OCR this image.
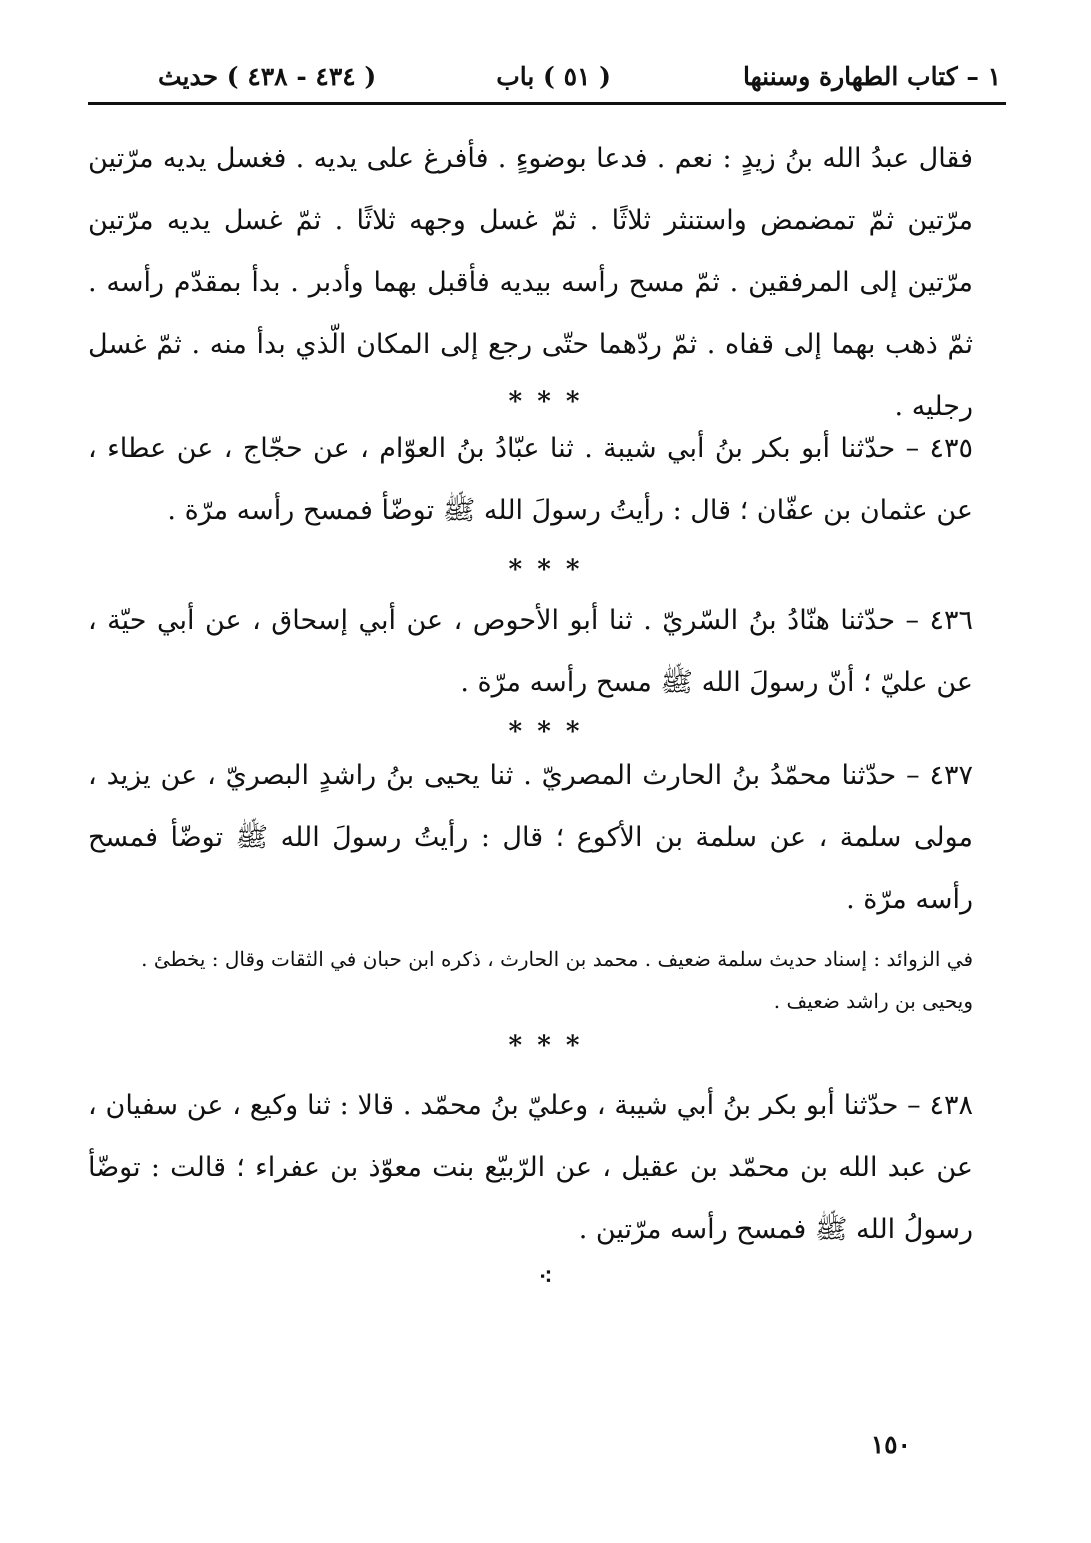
١ – كتاب الطهارة وسننها
( ٥١ ) باب
( ٤٣٤ - ٤٣٨ ) حديث
فقال عبدُ الله بنُ زيدٍ : نعم . فدعا بوضوءٍ . فأفرغ على يديه . فغسل يديه مرّتين مرّتين ثمّ تمضمض واستنثر ثلاثًا . ثمّ غسل وجهه ثلاثًا . ثمّ غسل يديه مرّتين مرّتين إلى المرفقين . ثمّ مسح رأسه بيديه فأقبل بهما وأدبر . بدأ بمقدّم رأسه . ثمّ ذهب بهما إلى قفاه . ثمّ ردّهما حتّى رجع إلى المكان الّذي بدأ منه . ثمّ غسل رجليه .
* * *
٤٣٥ – حدّثنا أبو بكر بنُ أبي شيبة . ثنا عبّادُ بنُ العوّام ، عن حجّاج ، عن عطاء ، عن عثمان بن عفّان ؛ قال : رأيتُ رسولَ الله ﷺ توضّأ فمسح رأسه مرّة .
* * *
٤٣٦ – حدّثنا هنّادُ بنُ السّريّ . ثنا أبو الأحوص ، عن أبي إسحاق ، عن أبي حيّة ، عن عليّ ؛ أنّ رسولَ الله ﷺ مسح رأسه مرّة .
* * *
٤٣٧ – حدّثنا محمّدُ بنُ الحارث المصريّ . ثنا يحيى بنُ راشدٍ البصريّ ، عن يزيد ، مولى سلمة ، عن سلمة بن الأكوع ؛ قال : رأيتُ رسولَ الله ﷺ توضّأ فمسح رأسه مرّة .
في الزوائد : إسناد حديث سلمة ضعيف . محمد بن الحارث ، ذكره ابن حبان في الثقات وقال : يخطئ .
ويحيى بن راشد ضعيف .
* * *
٤٣٨ – حدّثنا أبو بكر بنُ أبي شيبة ، وعليّ بنُ محمّد . قالا : ثنا وكيع ، عن سفيان ، عن عبد الله بن محمّد بن عقيل ، عن الرّبيّع بنت معوّذ بن عفراء ؛ قالت : توضّأ رسولُ الله ﷺ فمسح رأسه مرّتين .
⁖
١٥٠
